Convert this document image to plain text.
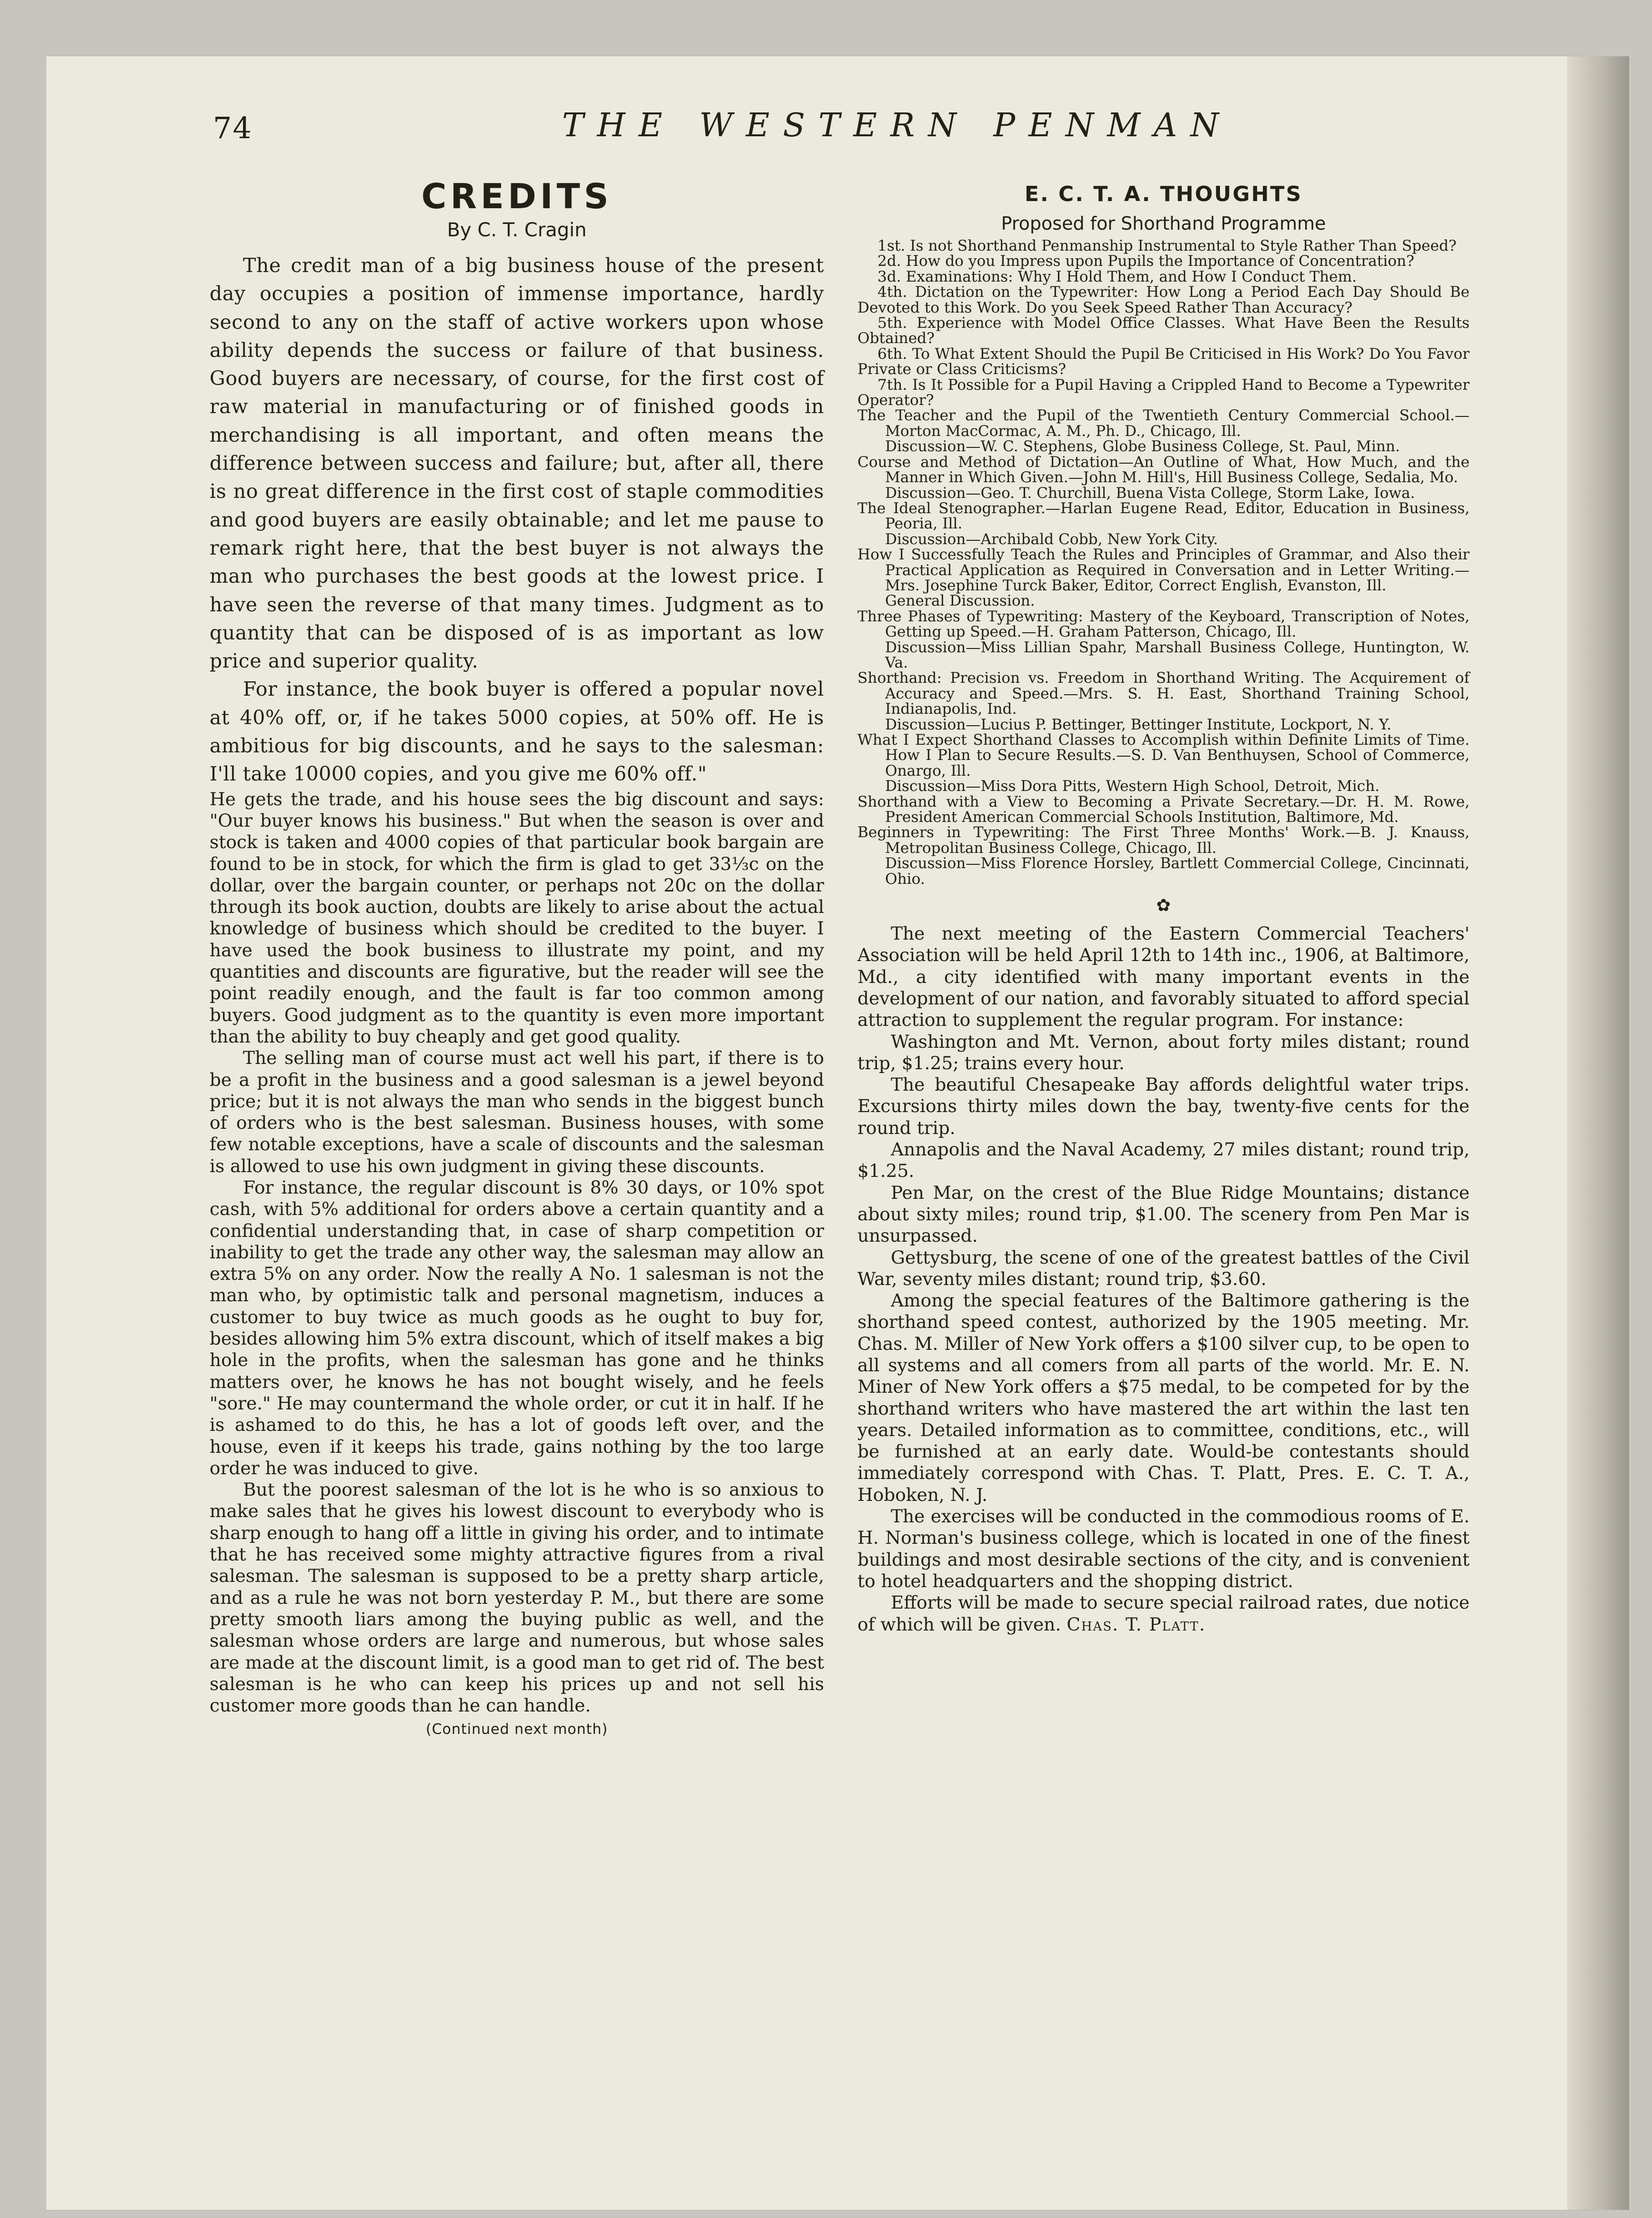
74	THE WESTERN PENMAN
CREDITS
By C. T. Cragin

The credit man of a big business house of the present day occupies a position of immense importance, hardly second to any on the staff of active workers upon whose ability depends the success or failure of that business. Good buyers are necessary, of course, for the first cost of raw material in manufacturing or of finished goods in merchandising is all important, and often means the difference between success and failure; but, after all, there is no great difference in the first cost of staple commodities and good buyers are easily obtainable; and let me pause to remark right here, that the best buyer is not always the man who purchases the best goods at the lowest price. I have seen the reverse of that many times. Judgment as to quantity that can be disposed of is as important as low price and superior quality.

For instance, the book buyer is offered a popular novel at 40% off, or, if he takes 5000 copies, at 50% off. He is ambitious for big discounts, and he says to the salesman: I'll take 10000 copies, and you give me 60% off."

He gets the trade, and his house sees the big discount and says: "Our buyer knows his business." But when the season is over and stock is taken and 4000 copies of that particular book bargain are found to be in stock, for which the firm is glad to get 33⅓c on the dollar, over the bargain counter, or perhaps not 20c on the dollar through its book auction, doubts are likely to arise about the actual knowledge of business which should be credited to the buyer. I have used the book business to illustrate my point, and my quantities and discounts are figurative, but the reader will see the point readily enough, and the fault is far too common among buyers. Good judgment as to the quantity is even more important than the ability to buy cheaply and get good quality.

The selling man of course must act well his part, if there is to be a profit in the business and a good salesman is a jewel beyond price; but it is not always the man who sends in the biggest bunch of orders who is the best salesman. Business houses, with some few notable exceptions, have a scale of discounts and the salesman is allowed to use his own judgment in giving these discounts.

For instance, the regular discount is 8% 30 days, or 10% spot cash, with 5% additional for orders above a certain quantity and a confidential understanding that, in case of sharp competition or inability to get the trade any other way, the salesman may allow an extra 5% on any order. Now the really A No. 1 salesman is not the man who, by optimistic talk and personal magnetism, induces a customer to buy twice as much goods as he ought to buy for, besides allowing him 5% extra discount, which of itself makes a big hole in the profits, when the salesman has gone and he thinks matters over, he knows he has not bought wisely, and he feels "sore." He may countermand the whole order, or cut it in half. If he is ashamed to do this, he has a lot of goods left over, and the house, even if it keeps his trade, gains nothing by the too large order he was induced to give.

But the poorest salesman of the lot is he who is so anxious to make sales that he gives his lowest discount to everybody who is sharp enough to hang off a little in giving his order, and to intimate that he has received some mighty attractive figures from a rival salesman. The salesman is supposed to be a pretty sharp article, and as a rule he was not born yesterday P. M., but there are some pretty smooth liars among the buying public as well, and the salesman whose orders are large and numerous, but whose sales are made at the discount limit, is a good man to get rid of. The best salesman is he who can keep his prices up and not sell his customer more goods than he can handle.

(Continued next month)
E. C. T. A. THOUGHTS
Proposed for Shorthand Programme
1st. Is not Shorthand Penmanship Instrumental to Style Rather Than Speed?
2d. How do you Impress upon Pupils the Importance of Concentration?
3d. Examinations: Why I Hold Them, and How I Conduct Them.
4th. Dictation on the Typewriter: How Long a Period Each Day Should Be Devoted to this Work. Do you Seek Speed Rather Than Accuracy?
5th. Experience with Model Office Classes. What Have Been the Results Obtained?
6th. To What Extent Should the Pupil Be Criticised in His Work? Do You Favor Private or Class Criticisms?
7th. Is It Possible for a Pupil Having a Crippled Hand to Become a Typewriter Operator?
The Teacher and the Pupil of the Twentieth Century Commercial School.—Morton MacCormac, A. M., Ph. D., Chicago, Ill.
Discussion—W. C. Stephens, Globe Business College, St. Paul, Minn.
Course and Method of Dictation—An Outline of What, How Much, and the Manner in Which Given.—John M. Hill's, Hill Business College, Sedalia, Mo.
Discussion—Geo. T. Churchill, Buena Vista College, Storm Lake, Iowa.
The Ideal Stenographer.—Harlan Eugene Read, Editor, Education in Business, Peoria, Ill.
Discussion—Archibald Cobb, New York City.
How I Successfully Teach the Rules and Principles of Grammar, and Also their Practical Application as Required in Conversation and in Letter Writing.—Mrs. Josephine Turck Baker, Editor, Correct English, Evanston, Ill.
General Discussion.
Three Phases of Typewriting: Mastery of the Keyboard, Transcription of Notes, Getting up Speed.—H. Graham Patterson, Chicago, Ill.
Discussion—Miss Lillian Spahr, Marshall Business College, Huntington, W. Va.
Shorthand: Precision vs. Freedom in Shorthand Writing. The Acquirement of Accuracy and Speed.—Mrs. S. H. East, Shorthand Training School, Indianapolis, Ind.
Discussion—Lucius P. Bettinger, Bettinger Institute, Lockport, N. Y.
What I Expect Shorthand Classes to Accomplish within Definite Limits of Time. How I Plan to Secure Results.—S. D. Van Benthuysen, School of Commerce, Onargo, Ill.
Discussion—Miss Dora Pitts, Western High School, Detroit, Mich.
Shorthand with a View to Becoming a Private Secretary.—Dr. H. M. Rowe, President American Commercial Schools Institution, Baltimore, Md.
Beginners in Typewriting: The First Three Months' Work.—B. J. Knauss, Metropolitan Business College, Chicago, Ill.
Discussion—Miss Florence Horsley, Bartlett Commercial College, Cincinnati, Ohio.
✿

The next meeting of the Eastern Commercial Teachers' Association will be held April 12th to 14th inc., 1906, at Baltimore, Md., a city identified with many important events in the development of our nation, and favorably situated to afford special attraction to supplement the regular program. For instance:

Washington and Mt. Vernon, about forty miles distant; round trip, $1.25; trains every hour.

The beautiful Chesapeake Bay affords delightful water trips. Excursions thirty miles down the bay, twenty-five cents for the round trip.

Annapolis and the Naval Academy, 27 miles distant; round trip, $1.25.

Pen Mar, on the crest of the Blue Ridge Mountains; distance about sixty miles; round trip, $1.00. The scenery from Pen Mar is unsurpassed.

Gettysburg, the scene of one of the greatest battles of the Civil War, seventy miles distant; round trip, $3.60.

Among the special features of the Baltimore gathering is the shorthand speed contest, authorized by the 1905 meeting. Mr. Chas. M. Miller of New York offers a $100 silver cup, to be open to all systems and all comers from all parts of the world. Mr. E. N. Miner of New York offers a $75 medal, to be competed for by the shorthand writers who have mastered the art within the last ten years. Detailed information as to committee, conditions, etc., will be furnished at an early date. Would-be contestants should immediately correspond with Chas. T. Platt, Pres. E. C. T. A., Hoboken, N. J.

The exercises will be conducted in the commodious rooms of E. H. Norman's business college, which is located in one of the finest buildings and most desirable sections of the city, and is convenient to hotel headquarters and the shopping district.

Efforts will be made to secure special railroad rates, due notice of which will be given. Chas. T. Platt.
